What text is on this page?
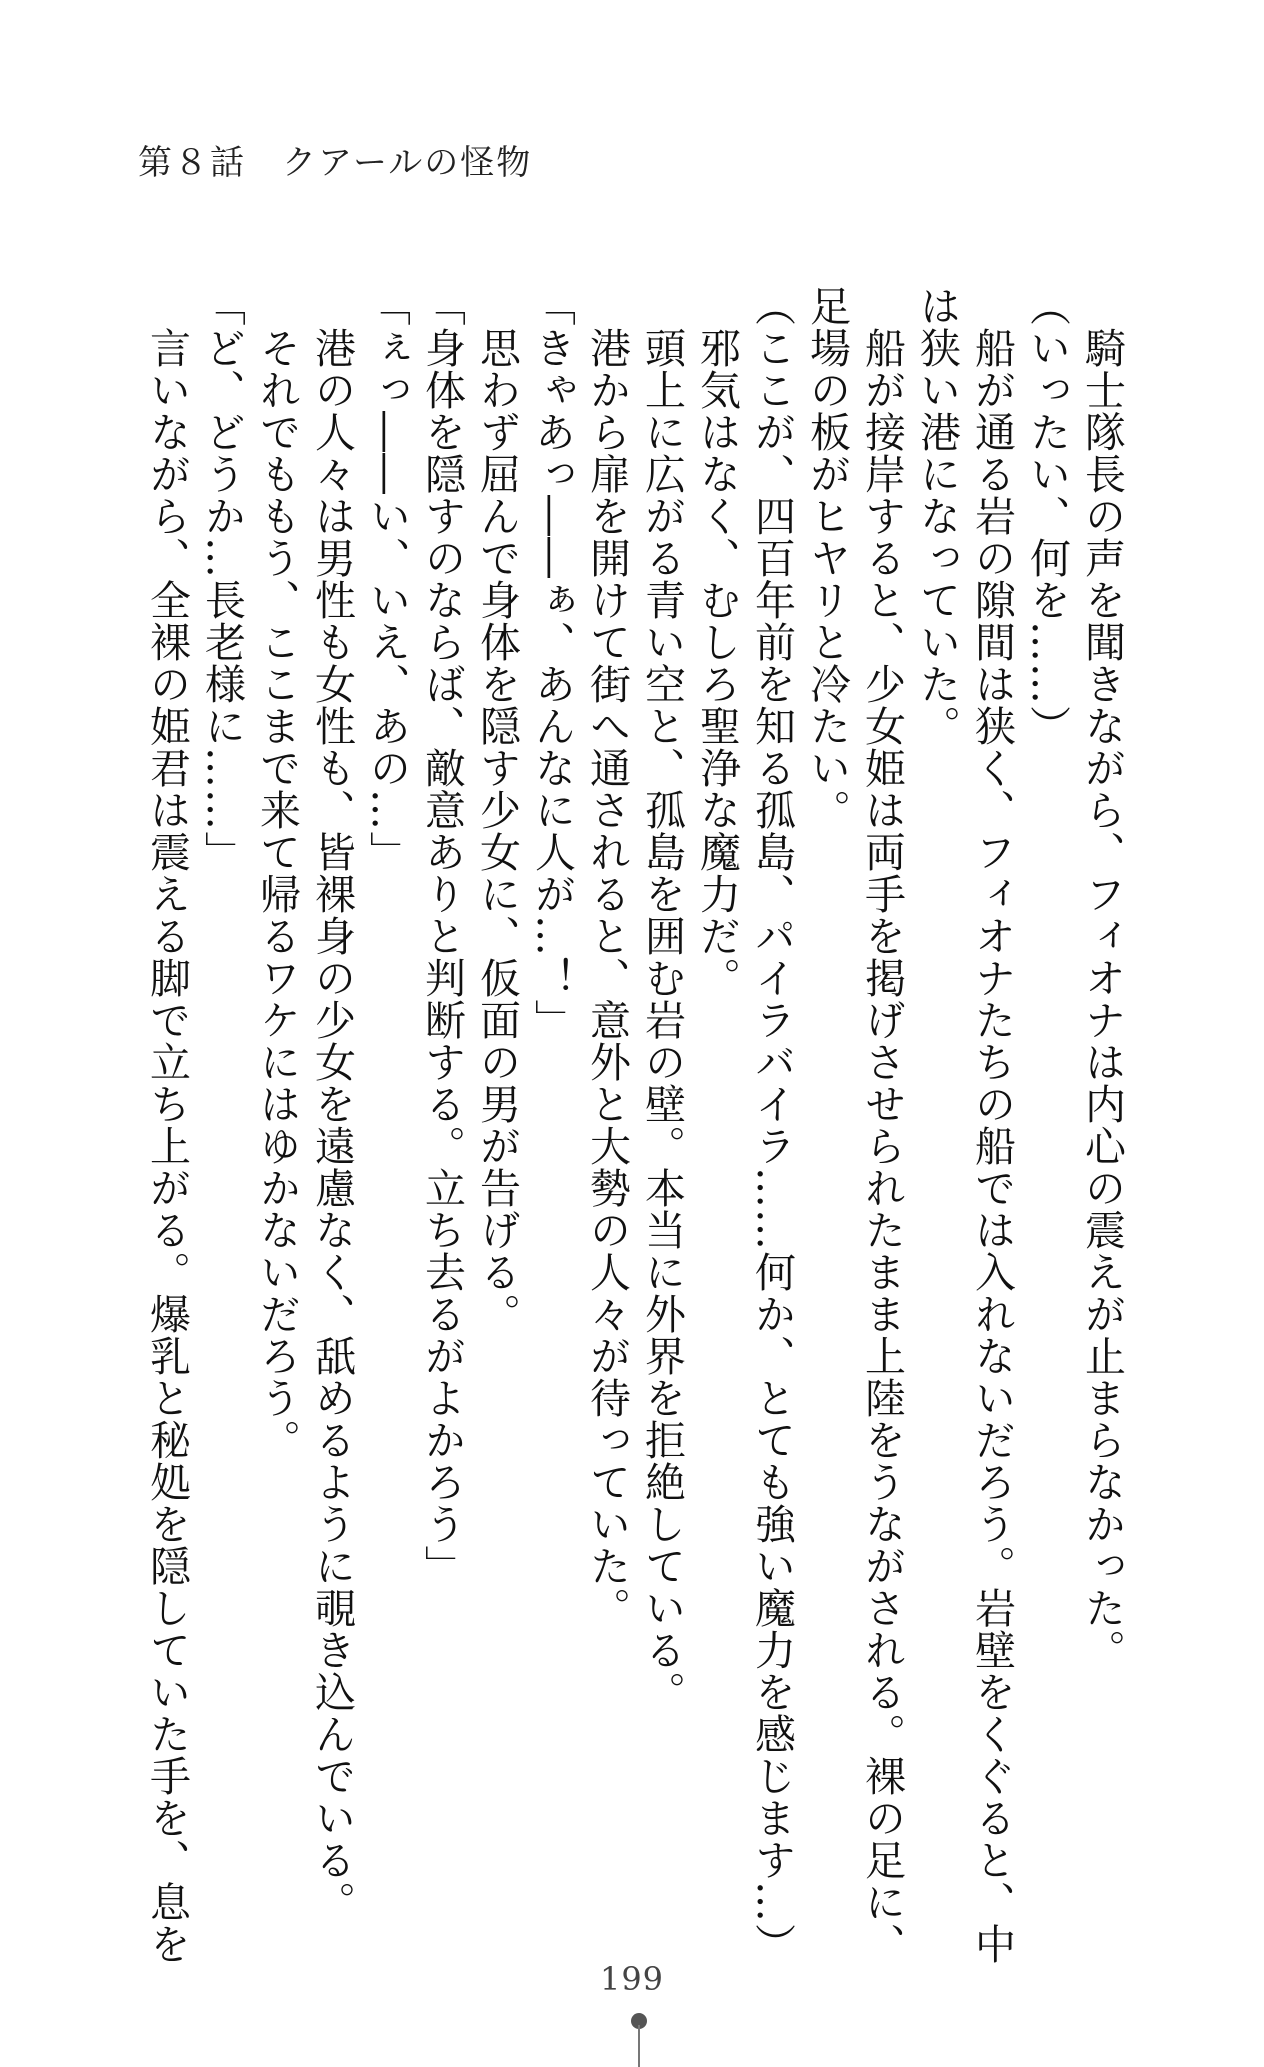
第８話　クアールの怪物
　騎士隊長の声を聞きながら、フィオナは内心の震えが止まらなかった。
（いったい、何を……）
　船が通る岩の隙間は狭く、フィオナたちの船では入れないだろう。岩壁をくぐると、中
は狭い港になっていた。
　船が接岸すると、少女姫は両手を掲げさせられたまま上陸をうながされる。裸の足に、
足場の板がヒヤリと冷たい。
（ここが、四百年前を知る孤島、パイラバイラ……何か、とても強い魔力を感じます…）
　邪気はなく、むしろ聖浄な魔力だ。
　頭上に広がる青い空と、孤島を囲む岩の壁。本当に外界を拒絶している。
　港から扉を開けて街へ通されると、意外と大勢の人々が待っていた。
「きゃあっ――ぁ、あんなに人が…！」
　思わず屈んで身体を隠す少女に、仮面の男が告げる。
「身体を隠すのならば、敵意ありと判断する。立ち去るがよかろう」
「ぇっ――い、いえ、あの…」
　港の人々は男性も女性も、皆裸身の少女を遠慮なく、舐めるように覗き込んでいる。
　それでももう、ここまで来て帰るワケにはゆかないだろう。
「ど、どうか…長老様に……」
　言いながら、全裸の姫君は震える脚で立ち上がる。爆乳と秘処を隠していた手を、息を
199
